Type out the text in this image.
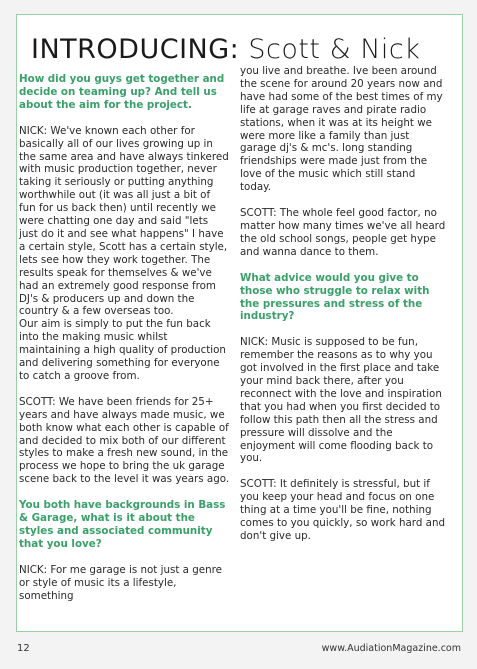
INTRODUCING: Scott & Nick
How did you guys get together and decide on teaming up? And tell us about the aim for the project.
NICK: We've known each other for basically all of our lives growing up in the same area and have always tinkered with music production together, never taking it seriously or putting anything worthwhile out (it was all just a bit of fun for us back then) until recently we were chatting one day and said "lets just do it and see what happens" I have a certain style, Scott has a certain style, lets see how they work together. The results speak for themselves & we've had an extremely good response from DJ's & producers up and down the country & a few overseas too.
Our aim is simply to put the fun back into the making music whilst maintaining a high quality of production and delivering something for everyone to catch a groove from.
SCOTT: We have been friends for 25+ years and have always made music, we both know what each other is capable of and decided to mix both of our different styles to make a fresh new sound, in the process we hope to bring the uk garage scene back to the level it was years ago.
You both have backgrounds in Bass & Garage, what is it about the styles and associated community that you love?
NICK: For me garage is not just a genre or style of music its a lifestyle, something
you live and breathe. Ive been around the scene for around 20 years now and have had some of the best times of my life at garage raves and pirate radio stations, when it was at its height we were more like a family than just garage dj's & mc's. long standing friendships were made just from the love of the music which still stand today.
SCOTT: The whole feel good factor, no matter how many times we've all heard the old school songs, people get hype and wanna dance to them.
What advice would you give to those who struggle to relax with the pressures and stress of the industry?
NICK: Music is supposed to be fun, remember the reasons as to why you got involved in the first place and take your mind back there, after you reconnect with the love and inspiration that you had when you first decided to follow this path then all the stress and pressure will dissolve and the enjoyment will come flooding back to you.
SCOTT: It definitely is stressful, but if you keep your head and focus on one thing at a time you'll be fine, nothing comes to you quickly, so work hard and don't give up.
12	www.AudiationMagazine.com
